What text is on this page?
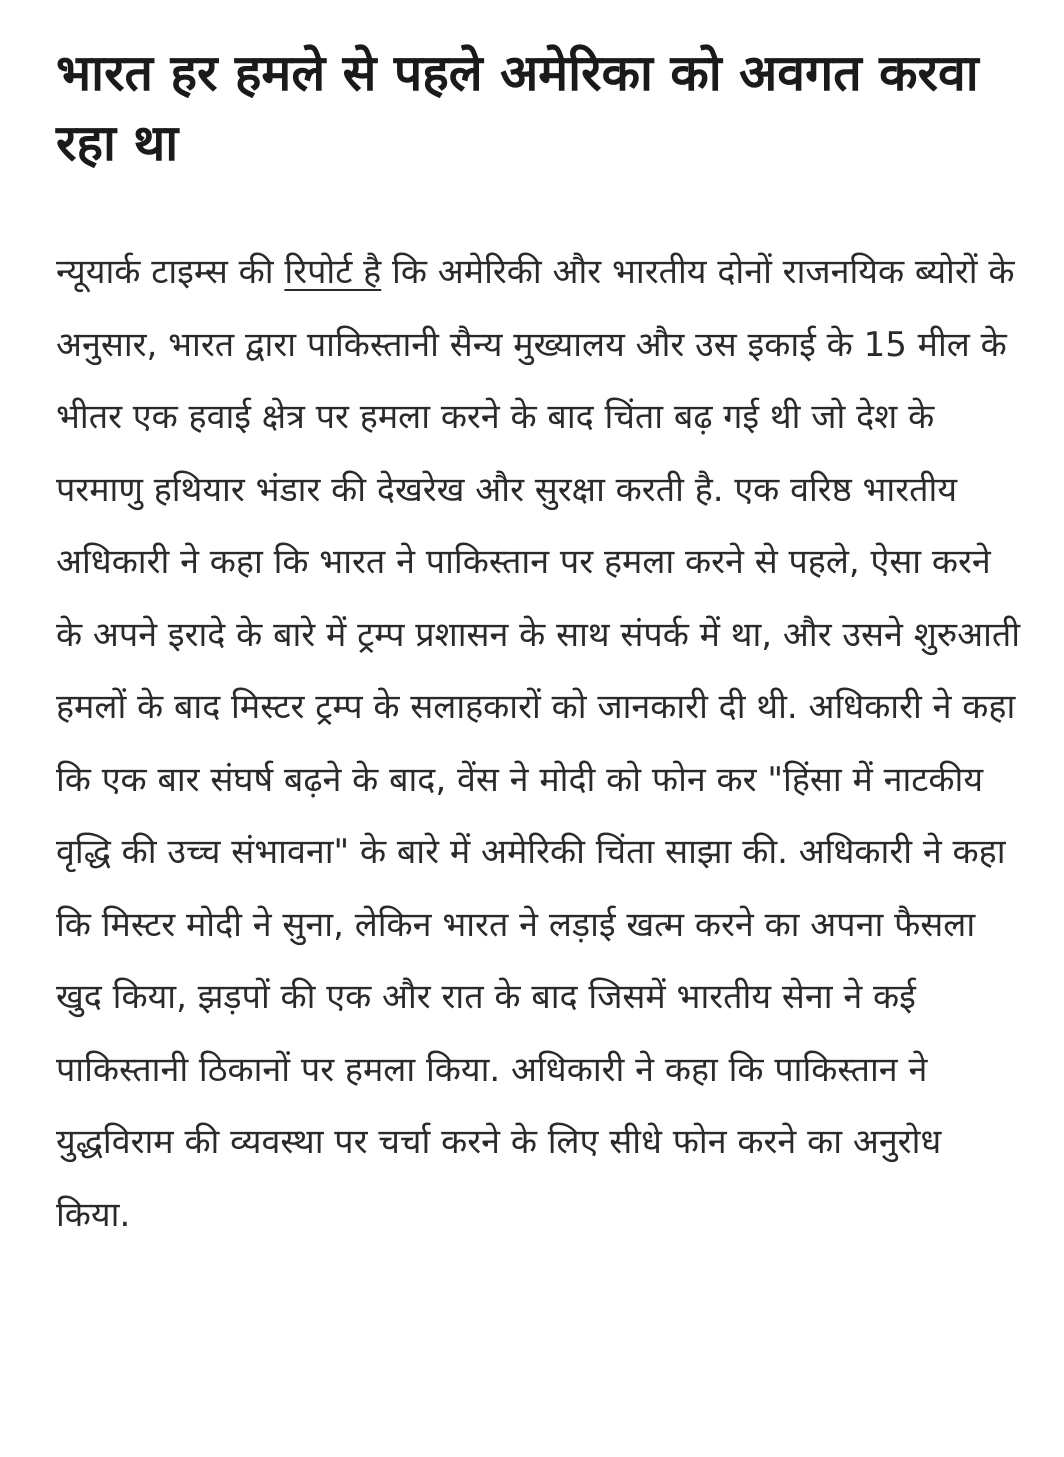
भारत हर हमले से पहले अमेरिका को अवगत करवा रहा था

न्यूयार्क टाइम्स की रिपोर्ट है कि अमेरिकी और भारतीय दोनों राजनयिक ब्योरों के अनुसार, भारत द्वारा पाकिस्तानी सैन्य मुख्यालय और उस इकाई के 15 मील के भीतर एक हवाई क्षेत्र पर हमला करने के बाद चिंता बढ़ गई थी जो देश के परमाणु हथियार भंडार की देखरेख और सुरक्षा करती है. एक वरिष्ठ भारतीय अधिकारी ने कहा कि भारत ने पाकिस्तान पर हमला करने से पहले, ऐसा करने के अपने इरादे के बारे में ट्रम्प प्रशासन के साथ संपर्क में था, और उसने शुरुआती हमलों के बाद मिस्टर ट्रम्प के सलाहकारों को जानकारी दी थी. अधिकारी ने कहा कि एक बार संघर्ष बढ़ने के बाद, वेंस ने मोदी को फोन कर "हिंसा में नाटकीय वृद्धि की उच्च संभावना" के बारे में अमेरिकी चिंता साझा की. अधिकारी ने कहा कि मिस्टर मोदी ने सुना, लेकिन भारत ने लड़ाई खत्म करने का अपना फैसला खुद किया, झड़पों की एक और रात के बाद जिसमें भारतीय सेना ने कई पाकिस्तानी ठिकानों पर हमला किया. अधिकारी ने कहा कि पाकिस्तान ने युद्धविराम की व्यवस्था पर चर्चा करने के लिए सीधे फोन करने का अनुरोध किया.
